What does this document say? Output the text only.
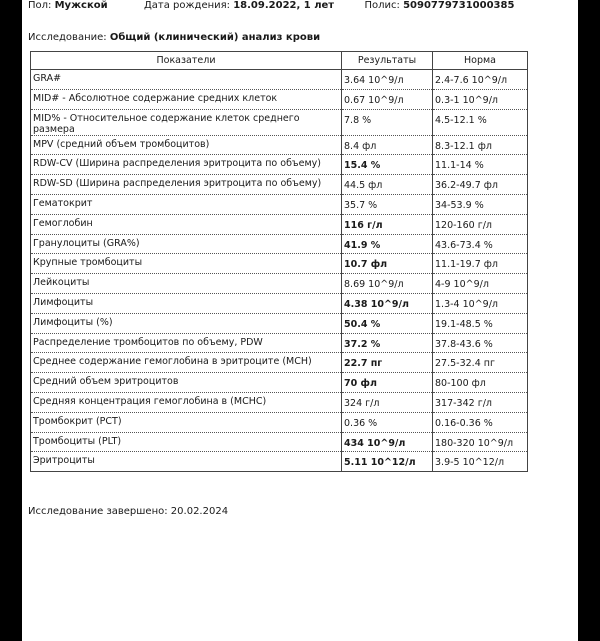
Пол: Мужской	Дата рождения: 18.09.2022, 1 лет	Полис: 5090779731000385
Исследование: Общий (клинический) анализ крови
Показатели	Результаты	Норма
GRA#	3.64 10^9/л	2.4-7.6 10^9/л
MID# - Абсолютное содержание средних клеток	0.67 10^9/л	0.3-1 10^9/л
MID% - Относительное содержание клеток среднего размера	7.8 %	4.5-12.1 %
MPV (средний объем тромбоцитов)	8.4 фл	8.3-12.1 фл
RDW-CV (Ширина распределения эритроцита по объему)	15.4 %	11.1-14 %
RDW-SD (Ширина распределения эритроцита по объему)	44.5 фл	36.2-49.7 фл
Гематокрит	35.7 %	34-53.9 %
Гемоглобин	116 г/л	120-160 г/л
Гранулоциты (GRA%)	41.9 %	43.6-73.4 %
Крупные тромбоциты	10.7 фл	11.1-19.7 фл
Лейкоциты	8.69 10^9/л	4-9 10^9/л
Лимфоциты	4.38 10^9/л	1.3-4 10^9/л
Лимфоциты (%)	50.4 %	19.1-48.5 %
Распределение тромбоцитов по объему, PDW	37.2 %	37.8-43.6 %
Среднее содержание гемоглобина в эритроците (MCH)	22.7 пг	27.5-32.4 пг
Средний объем эритроцитов	70 фл	80-100 фл
Средняя концентрация гемоглобина в (MCHC)	324 г/л	317-342 г/л
Тромбокрит (PCT)	0.36 %	0.16-0.36 %
Тромбоциты (PLT)	434 10^9/л	180-320 10^9/л
Эритроциты	5.11 10^12/л	3.9-5 10^12/л
Исследование завершено: 20.02.2024
